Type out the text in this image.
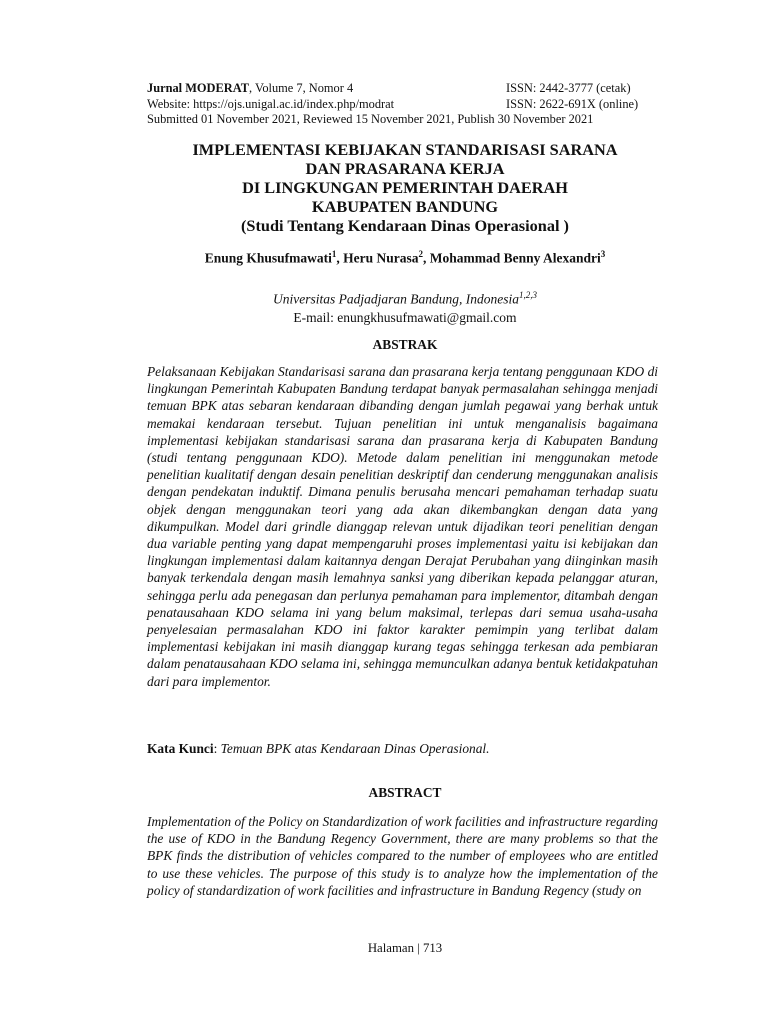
Jurnal MODERAT, Volume 7, Nomor 4	ISSN: 2442-3777 (cetak)
Website: https://ojs.unigal.ac.id/index.php/modrat	ISSN: 2622-691X (online)
Submitted 01 November 2021, Reviewed 15 November 2021, Publish 30 November 2021
IMPLEMENTASI KEBIJAKAN STANDARISASI SARANA
DAN PRASARANA KERJA
DI LINGKUNGAN PEMERINTAH DAERAH
KABUPATEN BANDUNG
(Studi Tentang Kendaraan Dinas Operasional )
Enung Khusufmawati$^1$, Heru Nurasa$^2$, Mohammad Benny Alexandri$^3$
Universitas Padjadjaran Bandung, Indonesia$^{1,2,3}$
E-mail: enungkhusufmawati@gmail.com
ABSTRAK
Pelaksanaan Kebijakan Standarisasi sarana dan prasarana kerja tentang penggunaan KDO di lingkungan Pemerintah Kabupaten Bandung terdapat banyak permasalahan sehingga menjadi temuan BPK atas sebaran kendaraan dibanding dengan jumlah pegawai yang berhak untuk memakai kendaraan tersebut. Tujuan penelitian ini untuk menganalisis bagaimana implementasi kebijakan standarisasi sarana dan prasarana kerja di Kabupaten Bandung (studi tentang penggunaan KDO). Metode dalam penelitian ini menggunakan metode penelitian kualitatif dengan desain penelitian deskriptif dan cenderung menggunakan analisis dengan pendekatan induktif. Dimana penulis berusaha mencari pemahaman terhadap suatu objek dengan menggunakan teori yang ada akan dikembangkan dengan data yang dikumpulkan. Model dari grindle dianggap relevan untuk dijadikan teori penelitian dengan dua variable penting yang dapat mempengaruhi proses implementasi yaitu isi kebijakan dan lingkungan implementasi dalam kaitannya dengan Derajat Perubahan yang diinginkan masih banyak terkendala dengan masih lemahnya sanksi yang diberikan kepada pelanggar aturan, sehingga perlu ada penegasan dan perlunya pemahaman para implementor, ditambah dengan penatausahaan KDO selama ini yang belum maksimal, terlepas dari semua usaha-usaha penyelesaian permasalahan KDO ini faktor karakter pemimpin yang terlibat dalam implementasi kebijakan ini masih dianggap kurang tegas sehingga terkesan ada pembiaran dalam penatausahaan KDO selama ini, sehingga memunculkan adanya bentuk ketidakpatuhan dari para implementor.
Kata Kunci: Temuan BPK atas Kendaraan Dinas Operasional.
ABSTRACT
Implementation of the Policy on Standardization of work facilities and infrastructure regarding the use of KDO in the Bandung Regency Government, there are many problems so that the BPK finds the distribution of vehicles compared to the number of employees who are entitled to use these vehicles. The purpose of this study is to analyze how the implementation of the policy of standardization of work facilities and infrastructure in Bandung Regency (study on
Halaman | 713
